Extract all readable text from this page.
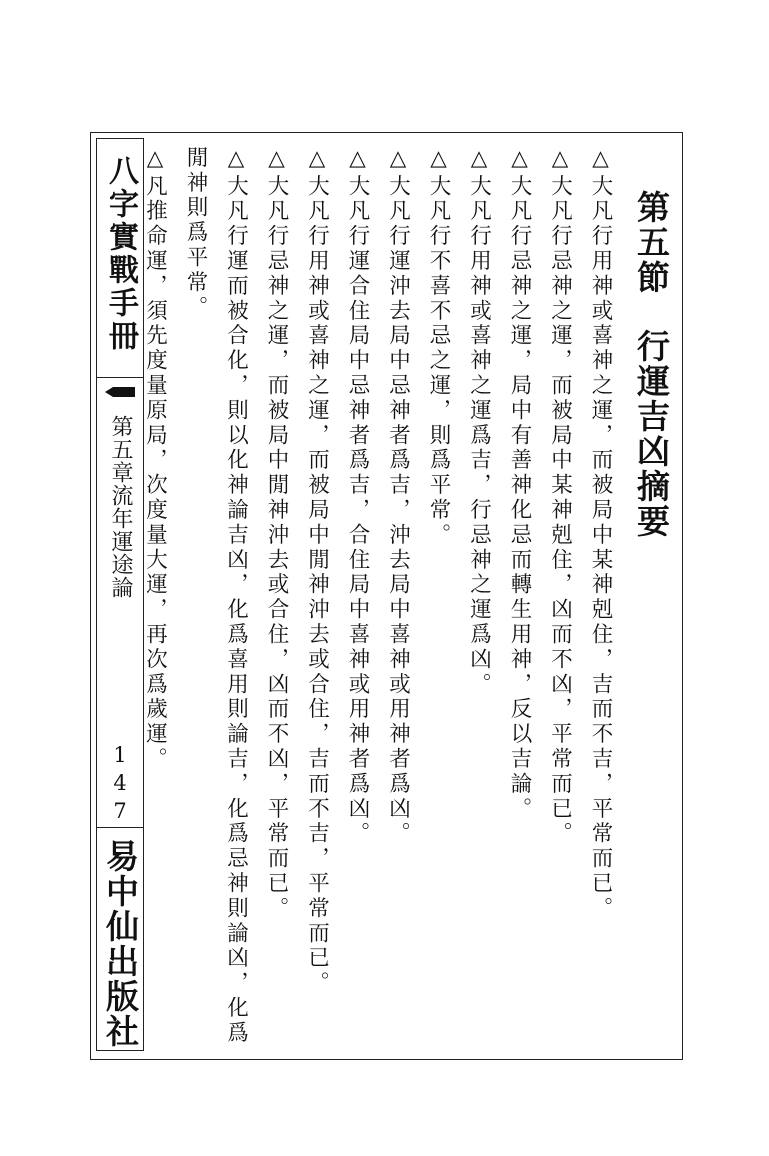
八字實戰手冊
第五章流年運途論
147
易中仙出版社
第五節行運吉凶摘要

△大凡行用神或喜神之運，而被局中某神剋住，吉而不吉，平常而已。

△大凡行忌神之運，而被局中某神剋住，凶而不凶，平常而已。

△大凡行忌神之運，局中有善神化忌而轉生用神，反以吉論。

△大凡行用神或喜神之運爲吉，行忌神之運爲凶。

△大凡行不喜不忌之運，則爲平常。

△大凡行運沖去局中忌神者爲吉，沖去局中喜神或用神者爲凶。

△大凡行運合住局中忌神者爲吉，合住局中喜神或用神者爲凶。

△大凡行用神或喜神之運，而被局中閒神沖去或合住，吉而不吉，平常而已。

△大凡行忌神之運，而被局中閒神沖去或合住，凶而不凶，平常而已。

△大凡行運而被合化，則以化神論吉凶，化爲喜用則論吉，化爲忌神則論凶，化爲

閒神則爲平常。

△凡推命運，須先度量原局，次度量大運，再次爲歲運。
